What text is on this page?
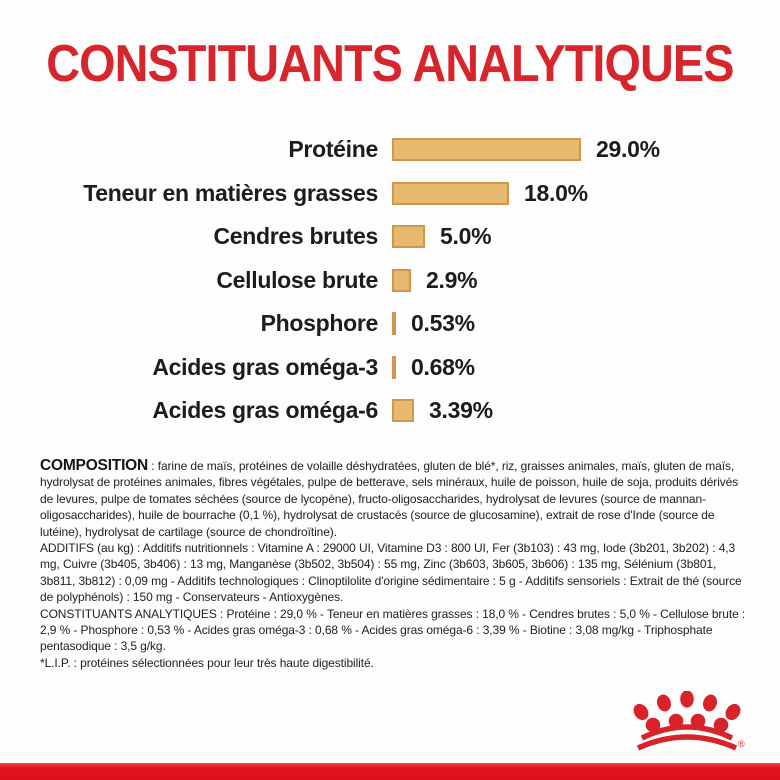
CONSTITUANTS ANALYTIQUES
Protéine	29.0%
Teneur en matières grasses	18.0%
Cendres brutes	5.0%
Cellulose brute 2.9%
Phosphore 0.53%
Acides gras oméga-3 0.68%
Acides gras oméga-6 3.39%

COMPOSITION : farine de maïs, protéines de volaille déshydratées, gluten de blé*, riz, graisses animales, maïs, gluten de maïs, hydrolysat de protéines animales, fibres végétales, pulpe de betterave, sels minéraux, huile de poisson, huile de soja, produits dérivés de levures, pulpe de tomates séchées (source de lycopène), fructo-oligosaccharides, hydrolysat de levures (source de mannan-oligosaccharides), huile de bourrache (0,1 %), hydrolysat de crustacés (source de glucosamine), extrait de rose d'Inde (source de lutéine), hydrolysat de cartilage (source de chondroïtine).

ADDITIFS (au kg) : Additifs nutritionnels : Vitamine A : 29000 UI, Vitamine D3 : 800 UI, Fer (3b103) : 43 mg, Iode (3b201, 3b202) : 4,3 mg, Cuivre (3b405, 3b406) : 13 mg, Manganèse (3b502, 3b504) : 55 mg, Zinc (3b603, 3b605, 3b606) : 135 mg, Sélénium (3b801, 3b811, 3b812) : 0,09 mg - Additifs technologiques : Clinoptilolite d'origine sédimentaire : 5 g - Additifs sensoriels : Extrait de thé (source de polyphénols) : 150 mg - Conservateurs - Antioxygènes.

CONSTITUANTS ANALYTIQUES : Protéine : 29,0 % - Teneur en matières grasses : 18,0 % - Cendres brutes : 5,0 % - Cellulose brute : 2,9 % - Phosphore : 0,53 % - Acides gras oméga-3 : 0,68 % - Acides gras oméga-6 : 3,39 % - Biotine : 3,08 mg/kg - Triphosphate pentasodique : 3,5 g/kg.

*L.I.P. : protéines sélectionnées pour leur très haute digestibilité.

®
